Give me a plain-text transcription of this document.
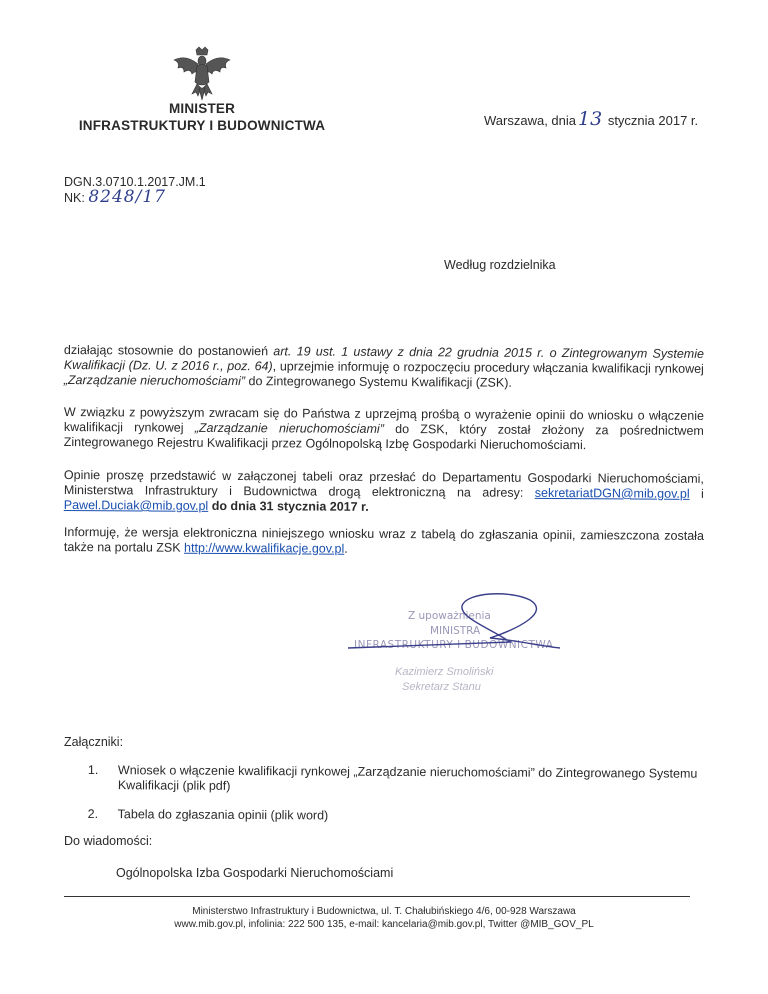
MINISTER
INFRASTRUKTURY I BUDOWNICTWA	Warszawa, dnia 13 stycznia 2017 r.
DGN.3.0710.1.2017.JM.1
NK: 8248/17
Według rozdzielnika

działając stosownie do postanowień art. 19 ust. 1 ustawy z dnia 22 grudnia 2015 r. o Zintegrowanym Systemie Kwalifikacji (Dz. U. z 2016 r., poz. 64), uprzejmie informuję o rozpoczęciu procedury włączania kwalifikacji rynkowej „Zarządzanie nieruchomościami” do Zintegrowanego Systemu Kwalifikacji (ZSK).

W związku z powyższym zwracam się do Państwa z uprzejmą prośbą o wyrażenie opinii do wniosku o włączenie kwalifikacji rynkowej „Zarządzanie nieruchomościami” do ZSK, który został złożony za pośrednictwem Zintegrowanego Rejestru Kwalifikacji przez Ogólnopolską Izbę Gospodarki Nieruchomościami.

Opinie proszę przedstawić w załączonej tabeli oraz przesłać do Departamentu Gospodarki Nieruchomościami, Ministerstwa Infrastruktury i Budownictwa drogą elektroniczną na adresy: sekretariatDGN@mib.gov.pl i Pawel.Duciak@mib.gov.pl do dnia 31 stycznia 2017 r.

Informuję, że wersja elektroniczna niniejszego wniosku wraz z tabelą do zgłaszania opinii, zamieszczona została także na portalu ZSK http://www.kwalifikacje.gov.pl.

Z upoważnienia
MINISTRA
INFRASTRUKTURY I BUDOWNICTWA
Kazimierz Smoliński
Sekretarz Stanu
Załączniki:
1.	Wniosek o włączenie kwalifikacji rynkowej „Zarządzanie nieruchomościami” do Zintegrowanego Systemu Kwalifikacji (plik pdf)
2.	Tabela do zgłaszania opinii (plik word)
Do wiadomości:
Ogólnopolska Izba Gospodarki Nieruchomościami
Ministerstwo Infrastruktury i Budownictwa, ul. T. Chałubińskiego 4/6, 00-928 Warszawa
www.mib.gov.pl, infolinia: 222 500 135, e-mail: kancelaria@mib.gov.pl, Twitter @MIB_GOV_PL
